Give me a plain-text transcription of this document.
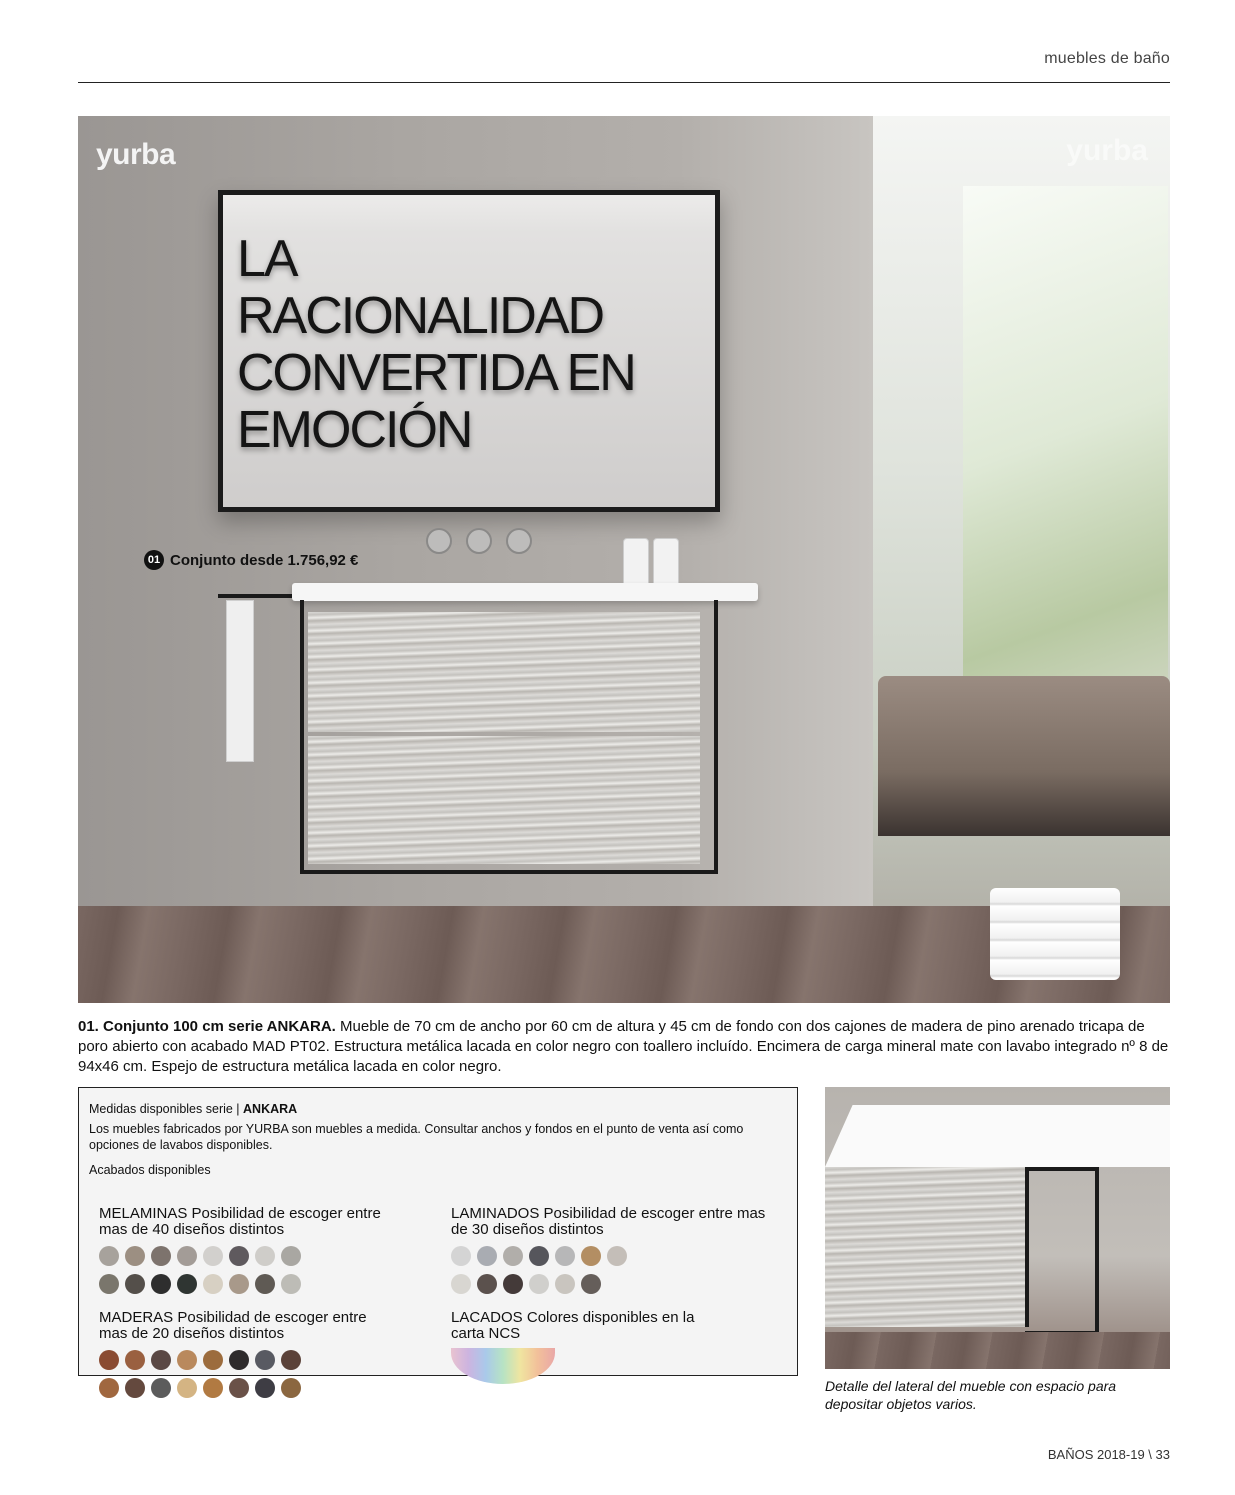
muebles de baño
yurba	yurba
LA
RACIONALIDAD
CONVERTIDA EN
EMOCIÓN
01 Conjunto desde 1.756,92 €
01. Conjunto 100 cm serie ANKARA. Mueble de 70 cm de ancho por 60 cm de altura y 45 cm de fondo con dos cajones de madera de pino arenado tricapa de poro abierto con acabado MAD PT02. Estructura metálica lacada en color negro con toallero incluído. Encimera de carga mineral mate con lavabo integrado nº 8 de 94x46 cm. Espejo de estructura metálica lacada en color negro.
Medidas disponibles serie | ANKARA
Los muebles fabricados por YURBA son muebles a medida. Consultar anchos y fondos en el punto de venta así como opciones de lavabos disponibles.
Acabados disponibles
MELAMINAS Posibilidad de escoger entre mas de 40 diseños distintos
LAMINADOS Posibilidad de escoger entre mas de 30 diseños distintos
MADERAS Posibilidad de escoger entre mas de 20 diseños distintos
LACADOS Colores disponibles en la carta NCS
Detalle del lateral del mueble con espacio para depositar objetos varios.
BAÑOS 2018-19 \ 33
